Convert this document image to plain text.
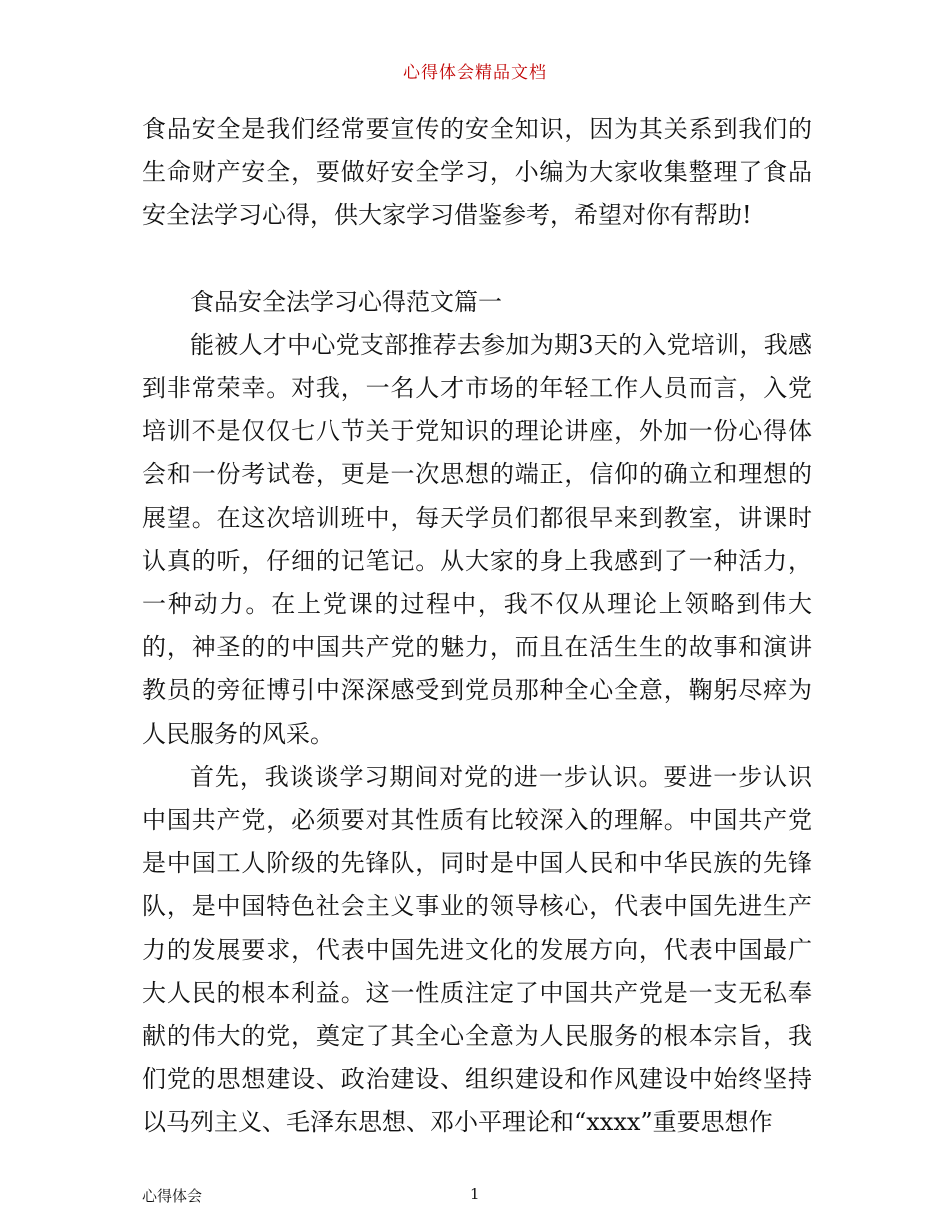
心得体会精品文档

食品安全是我们经常要宣传的安全知识，因为其关系到我们的生命财产安全，要做好安全学习，小编为大家收集整理了食品安全法学习心得，供大家学习借鉴参考，希望对你有帮助!

食品安全法学习心得范文篇一

能被人才中心党支部推荐去参加为期3天的入党培训，我感到非常荣幸。对我，一名人才市场的年轻工作人员而言，入党培训不是仅仅七八节关于党知识的理论讲座，外加一份心得体会和一份考试卷，更是一次思想的端正，信仰的确立和理想的展望。在这次培训班中，每天学员们都很早来到教室，讲课时认真的听，仔细的记笔记。从大家的身上我感到了一种活力，一种动力。在上党课的过程中，我不仅从理论上领略到伟大的，神圣的的中国共产党的魅力，而且在活生生的故事和演讲教员的旁征博引中深深感受到党员那种全心全意，鞠躬尽瘁为人民服务的风采。

首先，我谈谈学习期间对党的进一步认识。要进一步认识中国共产党，必须要对其性质有比较深入的理解。中国共产党是中国工人阶级的先锋队，同时是中国人民和中华民族的先锋队，是中国特色社会主义事业的领导核心，代表中国先进生产力的发展要求，代表中国先进文化的发展方向，代表中国最广大人民的根本利益。这一性质注定了中国共产党是一支无私奉献的伟大的党，奠定了其全心全意为人民服务的根本宗旨，我们党的思想建设、政治建设、组织建设和作风建设中始终坚持以马列主义、毛泽东思想、邓小平理论和“xxxx”重要思想作

心得体会	1
